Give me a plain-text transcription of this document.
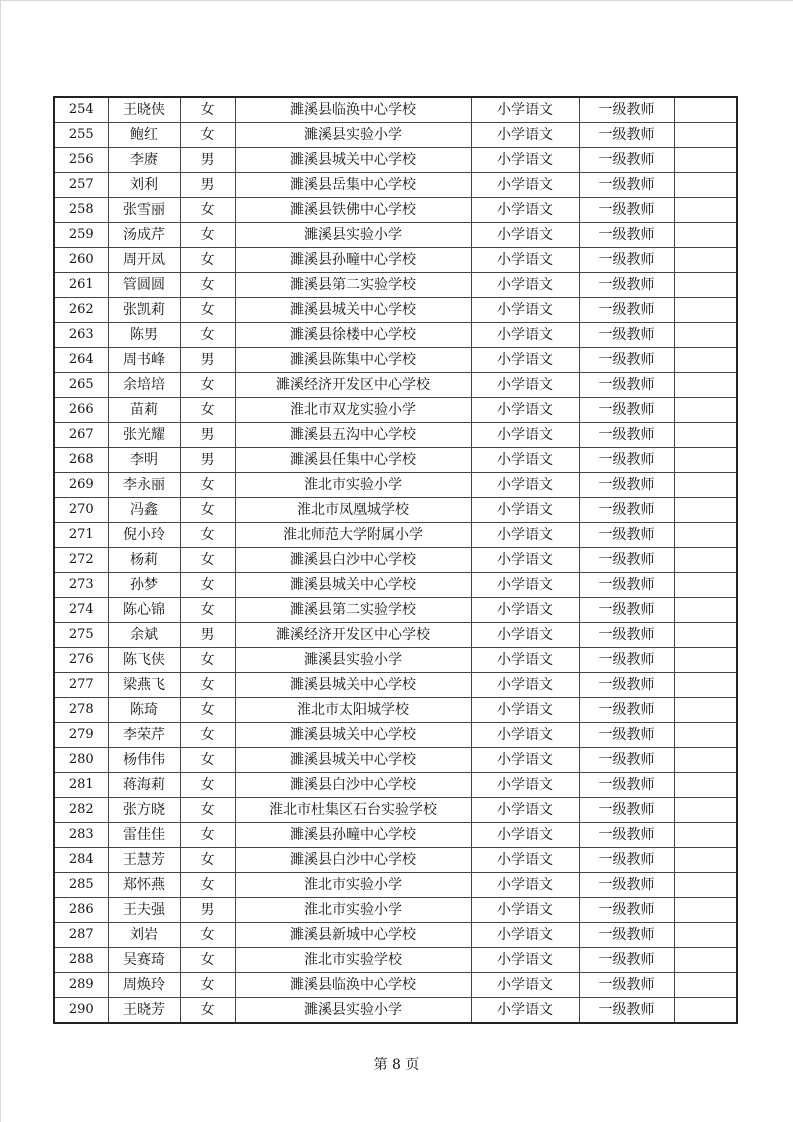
254	王晓侠	女	濉溪县临涣中心学校	小学语文	一级教师	
255	鲍红	女	濉溪县实验小学	小学语文	一级教师	
256	李赓	男	濉溪县城关中心学校	小学语文	一级教师	
257	刘利	男	濉溪县岳集中心学校	小学语文	一级教师	
258	张雪丽	女	濉溪县铁佛中心学校	小学语文	一级教师	
259	汤成芹	女	濉溪县实验小学	小学语文	一级教师	
260	周开凤	女	濉溪县孙疃中心学校	小学语文	一级教师	
261	管圆圆	女	濉溪县第二实验学校	小学语文	一级教师	
262	张凯莉	女	濉溪县城关中心学校	小学语文	一级教师	
263	陈男	女	濉溪县徐楼中心学校	小学语文	一级教师	
264	周书峰	男	濉溪县陈集中心学校	小学语文	一级教师	
265	余培培	女	濉溪经济开发区中心学校	小学语文	一级教师	
266	苗莉	女	淮北市双龙实验小学	小学语文	一级教师	
267	张光耀	男	濉溪县五沟中心学校	小学语文	一级教师	
268	李明	男	濉溪县任集中心学校	小学语文	一级教师	
269	李永丽	女	淮北市实验小学	小学语文	一级教师	
270	冯鑫	女	淮北市凤凰城学校	小学语文	一级教师	
271	倪小玲	女	淮北师范大学附属小学	小学语文	一级教师	
272	杨莉	女	濉溪县白沙中心学校	小学语文	一级教师	
273	孙梦	女	濉溪县城关中心学校	小学语文	一级教师	
274	陈心锦	女	濉溪县第二实验学校	小学语文	一级教师	
275	余斌	男	濉溪经济开发区中心学校	小学语文	一级教师	
276	陈飞侠	女	濉溪县实验小学	小学语文	一级教师	
277	梁燕飞	女	濉溪县城关中心学校	小学语文	一级教师	
278	陈琦	女	淮北市太阳城学校	小学语文	一级教师	
279	李荣芹	女	濉溪县城关中心学校	小学语文	一级教师	
280	杨伟伟	女	濉溪县城关中心学校	小学语文	一级教师	
281	蒋海莉	女	濉溪县白沙中心学校	小学语文	一级教师	
282	张方晓	女	淮北市杜集区石台实验学校	小学语文	一级教师	
283	雷佳佳	女	濉溪县孙疃中心学校	小学语文	一级教师	
284	王慧芳	女	濉溪县白沙中心学校	小学语文	一级教师	
285	郑怀燕	女	淮北市实验小学	小学语文	一级教师	
286	王夫强	男	淮北市实验小学	小学语文	一级教师	
287	刘岩	女	濉溪县新城中心学校	小学语文	一级教师	
288	吴赛琦	女	淮北市实验学校	小学语文	一级教师	
289	周焕玲	女	濉溪县临涣中心学校	小学语文	一级教师	
290	王晓芳	女	濉溪县实验小学	小学语文	一级教师	
第 8 页
